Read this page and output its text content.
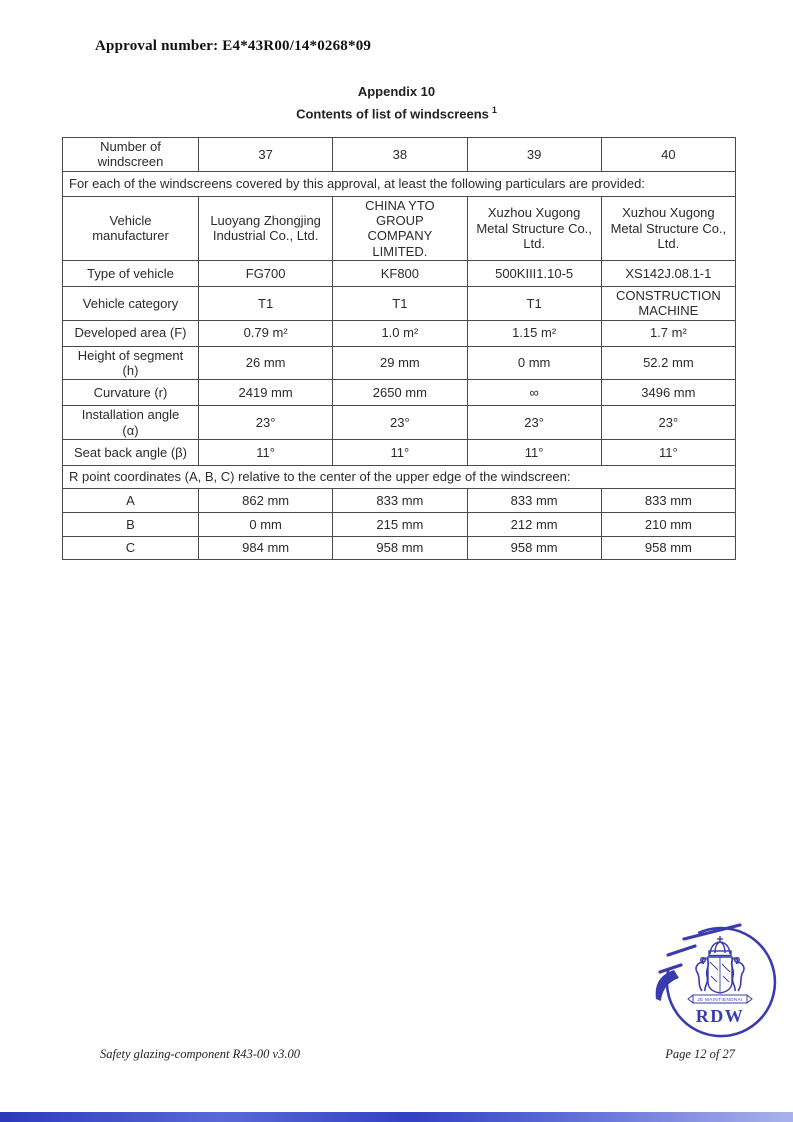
Approval number: E4*43R00/14*0268*09
Appendix 10
Contents of list of windscreens $^1$
Number of
windscreen	37	38	39	40
For each of the windscreens covered by this approval, at least the following particulars are provided:				
Vehicle
manufacturer	Luoyang Zhongjing Industrial Co., Ltd.	CHINA YTO
GROUP
COMPANY
LIMITED.	Xuzhou Xugong Metal Structure Co., Ltd.	Xuzhou Xugong Metal Structure Co., Ltd.
Type of vehicle	FG700	KF800	500KIII1.10-5	XS142J.08.1-1
Vehicle category	T1	T1	T1	CONSTRUCTION MACHINE
Developed area (F)	0.79 m²	1.0 m²	1.15 m²	1.7 m²
Height of segment
(h)	26 mm	29 mm	0 mm	52.2 mm
Curvature (r)	2419 mm	2650 mm	∞	3496 mm
Installation angle
(α)	23°	23°	23°	23°
Seat back angle (β)	11°	11°	11°	11°
R point coordinates (A, B, C) relative to the center of the upper edge of the windscreen:				
A	862 mm	833 mm	833 mm	833 mm
B	0 mm	215 mm	212 mm	210 mm
C	984 mm	958 mm	958 mm	958 mm
JE MAINTIENDRAI
RDW
Safety glazing-component R43-00 v3.00	Page 12 of 27
